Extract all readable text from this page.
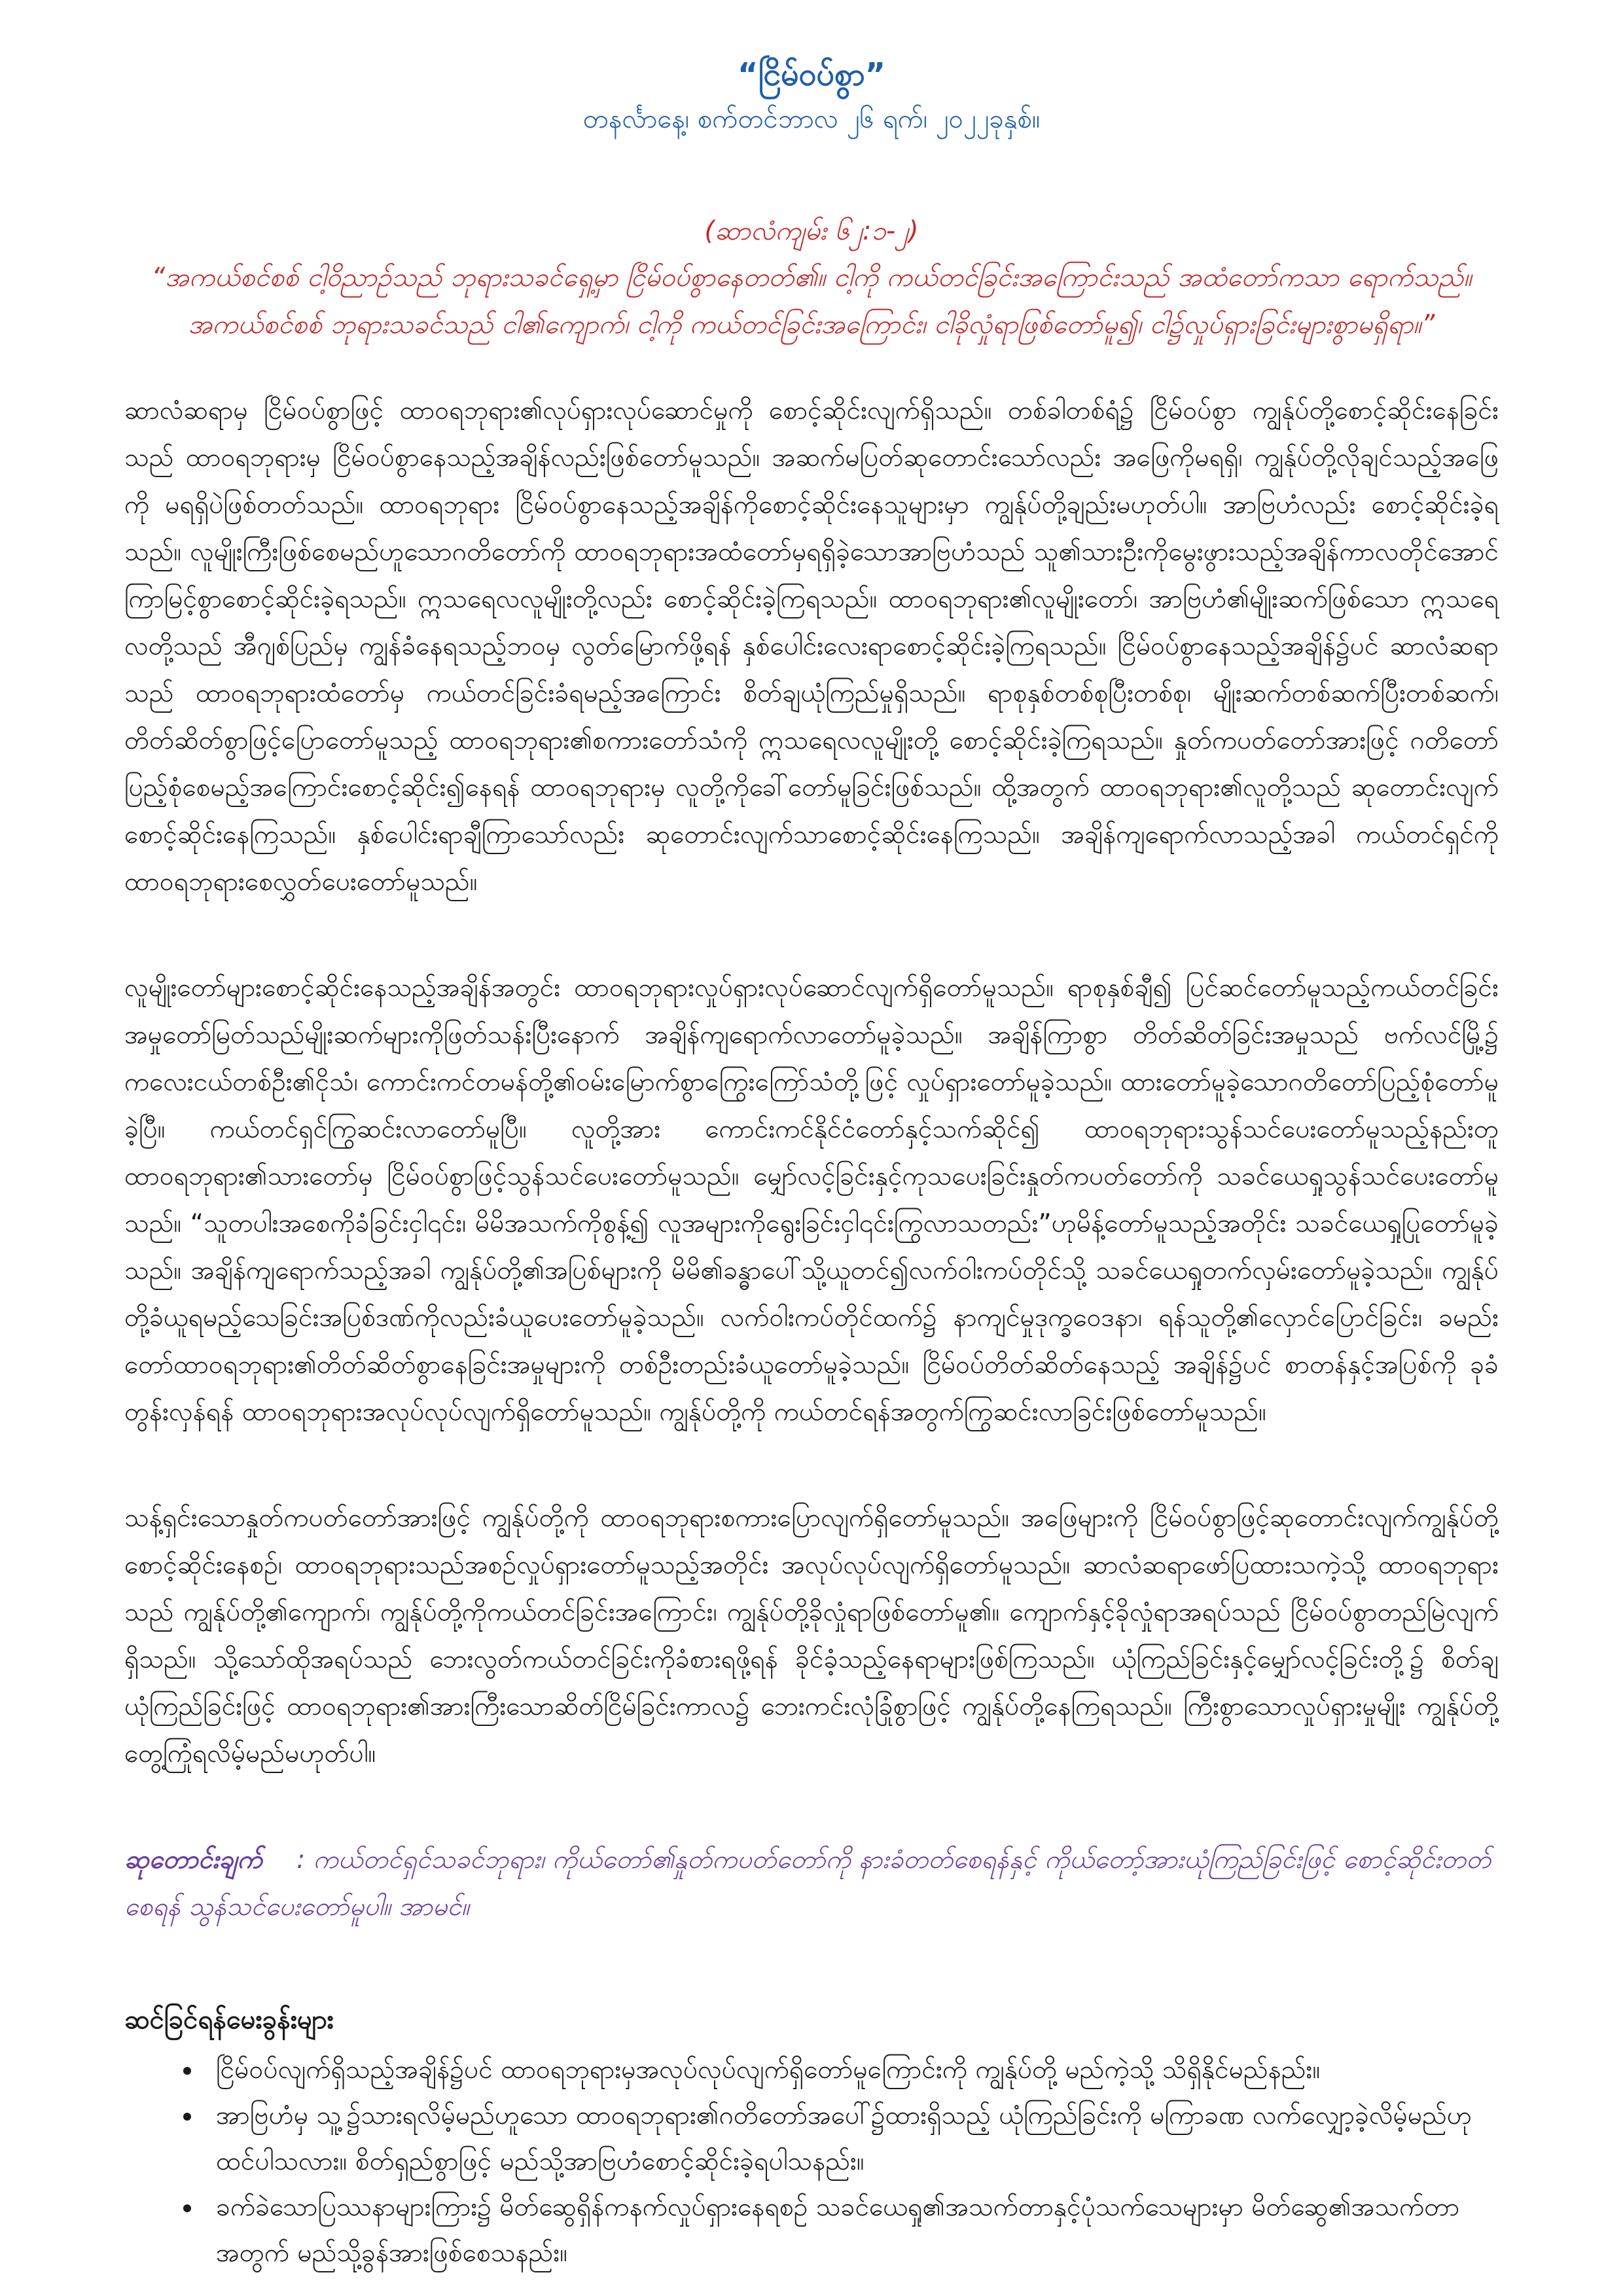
“ငြိမ်ဝပ်စွာ”
တနင်္လာနေ့၊ စက်တင်ဘာလ ၂၆ ရက်၊ ၂၀၂၂ခုနှစ်။
(ဆာလံကျမ်း ၆၂:၁-၂)
“အကယ်စင်စစ် ငါ့ဝိညာဉ်သည် ဘုရားသခင်ရှေ့မှာ ငြိမ်ဝပ်စွာနေတတ်၏။ ငါ့ကို ကယ်တင်ခြင်းအကြောင်းသည် အထံတော်ကသာ ရောက်သည်။
အကယ်စင်စစ် ဘုရားသခင်သည် ငါ၏ကျောက်၊ ငါ့ကို ကယ်တင်ခြင်းအကြောင်း၊ ငါခိုလှုံရာဖြစ်တော်မူ၍၊ ငါ၌လှုပ်ရှားခြင်းများစွာမရှိရာ။”

ဆာလံဆရာမှ ငြိမ်ဝပ်စွာဖြင့် ထာဝရဘုရား၏လုပ်ရှားလုပ်ဆောင်မှုကို စောင့်ဆိုင်းလျက်ရှိသည်။ တစ်ခါတစ်ရံ၌ ငြိမ်ဝပ်စွာ ကျွန်ုပ်တို့စောင့်ဆိုင်းနေခြင်းသည် ထာဝရဘုရားမှ ငြိမ်ဝပ်စွာနေသည့်အချိန်လည်းဖြစ်တော်မူသည်။ အဆက်မပြတ်ဆုတောင်းသော်လည်း အဖြေကိုမရရှိ၊ ကျွန်ုပ်တို့လိုချင်သည့်အဖြေကို မရရှိပဲဖြစ်တတ်သည်။ ထာဝရဘုရား ငြိမ်ဝပ်စွာနေသည့်အချိန်ကိုစောင့်ဆိုင်းနေသူများမှာ ကျွန်ုပ်တို့ချည်းမဟုတ်ပါ။ အာဗြဟံလည်း စောင့်ဆိုင်းခဲ့ရသည်။ လူမျိုးကြီးဖြစ်စေမည်ဟူသောဂတိတော်ကို ထာဝရဘုရားအထံတော်မှရရှိခဲ့သောအာဗြဟံသည် သူ၏သားဦးကိုမွေးဖွားသည့်အချိန်ကာလတိုင်အောင် ကြာမြင့်စွာစောင့်ဆိုင်းခဲ့ရသည်။ ဣသရေလလူမျိုးတို့လည်း စောင့်ဆိုင်းခဲ့ကြရသည်။ ထာဝရဘုရား၏လူမျိုးတော်၊ အာဗြဟံ၏မျိုးဆက်ဖြစ်သော ဣသရေလတို့သည် အီဂျစ်ပြည်မှ ကျွန်ခံနေရသည့်ဘဝမှ လွတ်မြောက်ဖို့ရန် နှစ်ပေါင်းလေးရာစောင့်ဆိုင်းခဲ့ကြရသည်။ ငြိမ်ဝပ်စွာနေသည့်အချိန်၌ပင် ဆာလံဆရာသည် ထာဝရဘုရားထံတော်မှ ကယ်တင်ခြင်းခံရမည့်အကြောင်း စိတ်ချယုံကြည်မှုရှိသည်။ ရာစုနှစ်တစ်စုပြီးတစ်စု၊ မျိုးဆက်တစ်ဆက်ပြီးတစ်ဆက်၊ တိတ်ဆိတ်စွာဖြင့်ပြောတော်မူသည့် ထာဝရဘုရား၏စကားတော်သံကို ဣသရေလလူမျိုးတို့ စောင့်ဆိုင်းခဲ့ကြရသည်။ နှုတ်ကပတ်တော်အားဖြင့် ဂတိတော်ပြည့်စုံစေမည့်အကြောင်းစောင့်ဆိုင်း၍နေရန် ထာဝရဘုရားမှ လူတို့ကိုခေါ်တော်မူခြင်းဖြစ်သည်။ ထို့အတွက် ထာဝရဘုရား၏လူတို့သည် ဆုတောင်းလျက်စောင့်ဆိုင်းနေကြသည်။ နှစ်ပေါင်းရာချီကြာသော်လည်း ဆုတောင်းလျက်သာစောင့်ဆိုင်းနေကြသည်။ အချိန်ကျရောက်လာသည့်အခါ ကယ်တင်ရှင်ကို ထာဝရဘုရားစေလွှတ်ပေးတော်မူသည်။

လူမျိုးတော်များစောင့်ဆိုင်းနေသည့်အချိန်အတွင်း ထာဝရဘုရားလှုပ်ရှားလုပ်ဆောင်လျက်ရှိတော်မူသည်။ ရာစုနှစ်ချီ၍ ပြင်ဆင်တော်မူသည့်ကယ်တင်ခြင်း အမှုတော်မြတ်သည်မျိုးဆက်များကိုဖြတ်သန်းပြီးနောက် အချိန်ကျရောက်လာတော်မူခဲ့သည်။ အချိန်ကြာစွာ တိတ်ဆိတ်ခြင်းအမှုသည် ဗက်လင်မြို့၌ ကလေးငယ်တစ်ဦး၏ငိုသံ၊ ကောင်းကင်တမန်တို့၏ဝမ်းမြောက်စွာကြွေးကြော်သံတို့ဖြင့် လှုပ်ရှားတော်မူခဲ့သည်။ ထားတော်မူခဲ့သောဂတိတော်ပြည့်စုံတော်မူခဲ့ပြီ။ ကယ်တင်ရှင်ကြွဆင်းလာတော်မူပြီ။ လူတို့အား ကောင်းကင်နိုင်ငံတော်နှင့်သက်ဆိုင်၍ ထာဝရဘုရားသွန်သင်ပေးတော်မူသည့်နည်းတူ ထာဝရဘုရား၏သားတော်မှ ငြိမ်ဝပ်စွာဖြင့်သွန်သင်ပေးတော်မူသည်။ မျှော်လင့်ခြင်းနှင့်ကုသပေးခြင်းနှုတ်ကပတ်တော်ကို သခင်ယေရှုသွန်သင်ပေးတော်မူသည်။ “သူတပါးအစေကိုခံခြင်းငှါ၎င်း၊ မိမိအသက်ကိုစွန့်၍ လူအများကိုရွေးခြင်းငှါ၎င်းကြွလာသတည်း”ဟုမိန့်တော်မူသည့်အတိုင်း သခင်ယေရှုပြုတော်မူခဲ့သည်။ အချိန်ကျရောက်သည့်အခါ ကျွန်ုပ်တို့၏အပြစ်များကို မိမိ၏ခန္ဓာပေါ်သို့ယူတင်၍လက်ဝါးကပ်တိုင်သို့ သခင်ယေရှုတက်လှမ်းတော်မူခဲ့သည်။ ကျွန်ုပ်တို့ခံယူရမည့်သေခြင်းအပြစ်ဒဏ်ကိုလည်းခံယူပေးတော်မူခဲ့သည်။ လက်ဝါးကပ်တိုင်ထက်၌ နာကျင်မှုဒုက္ခဝေဒနာ၊ ရန်သူတို့၏လှောင်ပြောင်ခြင်း၊ ခမည်းတော်ထာဝရဘုရား၏တိတ်ဆိတ်စွာနေခြင်းအမှုများကို တစ်ဦးတည်းခံယူတော်မူခဲ့သည်။ ငြိမ်ဝပ်တိတ်ဆိတ်နေသည့် အချိန်၌ပင် စာတန်နှင့်အပြစ်ကို ခုခံတွန်းလှန်ရန် ထာဝရဘုရားအလုပ်လုပ်လျက်ရှိတော်မူသည်။ ကျွန်ုပ်တို့ကို ကယ်တင်ရန်အတွက်ကြွဆင်းလာခြင်းဖြစ်တော်မူသည်။

သန့်ရှင်းသောနှုတ်ကပတ်တော်အားဖြင့် ကျွန်ုပ်တို့ကို ထာဝရဘုရားစကားပြောလျက်ရှိတော်မူသည်။ အဖြေများကို ငြိမ်ဝပ်စွာဖြင့်ဆုတောင်းလျက်ကျွန်ုပ်တို့စောင့်ဆိုင်းနေစဉ်၊ ထာဝရဘုရားသည်အစဉ်လှုပ်ရှားတော်မူသည့်အတိုင်း အလုပ်လုပ်လျက်ရှိတော်မူသည်။ ဆာလံဆရာဖော်ပြထားသကဲ့သို့ ထာဝရဘုရားသည် ကျွန်ုပ်တို့၏ကျောက်၊ ကျွန်ုပ်တို့ကိုကယ်တင်ခြင်းအကြောင်း၊ ကျွန်ုပ်တို့ခိုလှုံရာဖြစ်တော်မူ၏။ ကျောက်နှင့်ခိုလှုံရာအရပ်သည် ငြိမ်ဝပ်စွာတည်မြဲလျက်ရှိသည်။ သို့သော်ထိုအရပ်သည် ဘေးလွတ်ကယ်တင်ခြင်းကိုခံစားရဖို့ရန် ခိုင်ခံ့သည့်နေရာများဖြစ်ကြသည်။ ယုံကြည်ခြင်းနှင့်မျှော်လင့်ခြင်းတို့၌ စိတ်ချယုံကြည်ခြင်းဖြင့် ထာဝရဘုရား၏အားကြီးသောဆိတ်ငြိမ်ခြင်းကာလ၌ ဘေးကင်းလုံခြုံစွာဖြင့် ကျွန်ုပ်တို့နေကြရသည်။ ကြီးစွာသောလှုပ်ရှားမှုမျိုး ကျွန်ုပ်တို့တွေ့ကြုံရလိမ့်မည်မဟုတ်ပါ။

ဆုတောင်းချက် : ကယ်တင်ရှင်သခင်ဘုရား၊ ကိုယ်တော်၏နှုတ်ကပတ်တော်ကို နားခံတတ်စေရန်နှင့် ကိုယ်တော့်အားယုံကြည်ခြင်းဖြင့် စောင့်ဆိုင်းတတ်စေရန် သွန်သင်ပေးတော်မူပါ။ အာမင်။
ဆင်ခြင်ရန်မေးခွန်းများ
• ငြိမ်ဝပ်လျက်ရှိသည့်အချိန်၌ပင် ထာဝရဘုရားမှအလုပ်လုပ်လျက်ရှိတော်မူကြောင်းကို ကျွန်ုပ်တို့ မည်ကဲ့သို့ သိရှိနိုင်မည်နည်း။
• အာဗြဟံမှ သူ့၌သားရလိမ့်မည်ဟူသော ထာဝရဘုရား၏ဂတိတော်အပေါ်၌ထားရှိသည့် ယုံကြည်ခြင်းကို မကြာခဏ လက်လျှော့ခဲ့လိမ့်မည်ဟု ထင်ပါသလား။ စိတ်ရှည်စွာဖြင့် မည်သို့အာဗြဟံစောင့်ဆိုင်းခဲ့ရပါသနည်း။
• ခက်ခဲသောပြဿနာများကြား၌ မိတ်ဆွေရှိန်ကနက်လှုပ်ရှားနေရစဉ် သခင်ယေရှု၏အသက်တာနှင့်ပုံသက်သေများမှာ မိတ်ဆွေ၏အသက်တာအတွက် မည်သို့ခွန်အားဖြစ်စေသနည်း။
